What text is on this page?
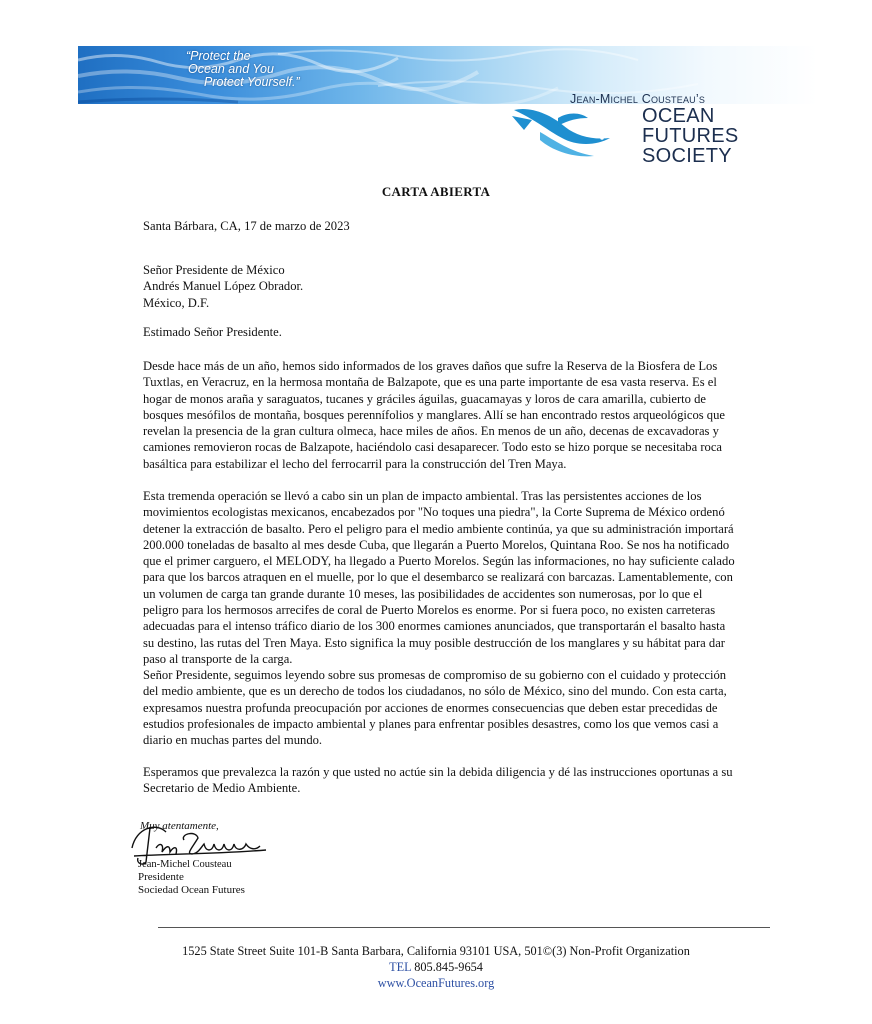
“Protect the
Ocean and You
Protect Yourself.”
Jean-Michel Cousteau’s
OCEAN
FUTURES
SOCIETY
CARTA ABIERTA
Santa Bárbara, CA, 17 de marzo de 2023

Señor Presidente de México

Andrés Manuel López Obrador.

México, D.F.

Estimado Señor Presidente.

Desde hace más de un año, hemos sido informados de los graves daños que sufre la Reserva de la Biosfera de Los

Tuxtlas, en Veracruz, en la hermosa montaña de Balzapote, que es una parte importante de esa vasta reserva. Es el

hogar de monos araña y saraguatos, tucanes y gráciles águilas, guacamayas y loros de cara amarilla, cubierto de

bosques mesófilos de montaña, bosques perennífolios y manglares. Allí se han encontrado restos arqueológicos que

revelan la presencia de la gran cultura olmeca, hace miles de años. En menos de un año, decenas de excavadoras y

camiones removieron rocas de Balzapote, haciéndolo casi desaparecer. Todo esto se hizo porque se necesitaba roca

basáltica para estabilizar el lecho del ferrocarril para la construcción del Tren Maya.

Esta tremenda operación se llevó a cabo sin un plan de impacto ambiental. Tras las persistentes acciones de los

movimientos ecologistas mexicanos, encabezados por "No toques una piedra", la Corte Suprema de México ordenó

detener la extracción de basalto. Pero el peligro para el medio ambiente continúa, ya que su administración importará

200.000 toneladas de basalto al mes desde Cuba, que llegarán a Puerto Morelos, Quintana Roo. Se nos ha notificado

que el primer carguero, el MELODY, ha llegado a Puerto Morelos. Según las informaciones, no hay suficiente calado

para que los barcos atraquen en el muelle, por lo que el desembarco se realizará con barcazas. Lamentablemente, con

un volumen de carga tan grande durante 10 meses, las posibilidades de accidentes son numerosas, por lo que el

peligro para los hermosos arrecifes de coral de Puerto Morelos es enorme. Por si fuera poco, no existen carreteras

adecuadas para el intenso tráfico diario de los 300 enormes camiones anunciados, que transportarán el basalto hasta

su destino, las rutas del Tren Maya. Esto significa la muy posible destrucción de los manglares y su hábitat para dar

paso al transporte de la carga.

Señor Presidente, seguimos leyendo sobre sus promesas de compromiso de su gobierno con el cuidado y protección

del medio ambiente, que es un derecho de todos los ciudadanos, no sólo de México, sino del mundo. Con esta carta,

expresamos nuestra profunda preocupación por acciones de enormes consecuencias que deben estar precedidas de

estudios profesionales de impacto ambiental y planes para enfrentar posibles desastres, como los que vemos casi a

diario en muchas partes del mundo.

Esperamos que prevalezca la razón y que usted no actúe sin la debida diligencia y dé las instrucciones oportunas a su

Secretario de Medio Ambiente.

Muy atentamente,
Jean-Michel Cousteau
Presidente
Sociedad Ocean Futures
1525 State Street Suite 101-B Santa Barbara, California 93101 USA, 501©(3) Non-Profit Organization
TEL 805.845-9654
www.OceanFutures.org
